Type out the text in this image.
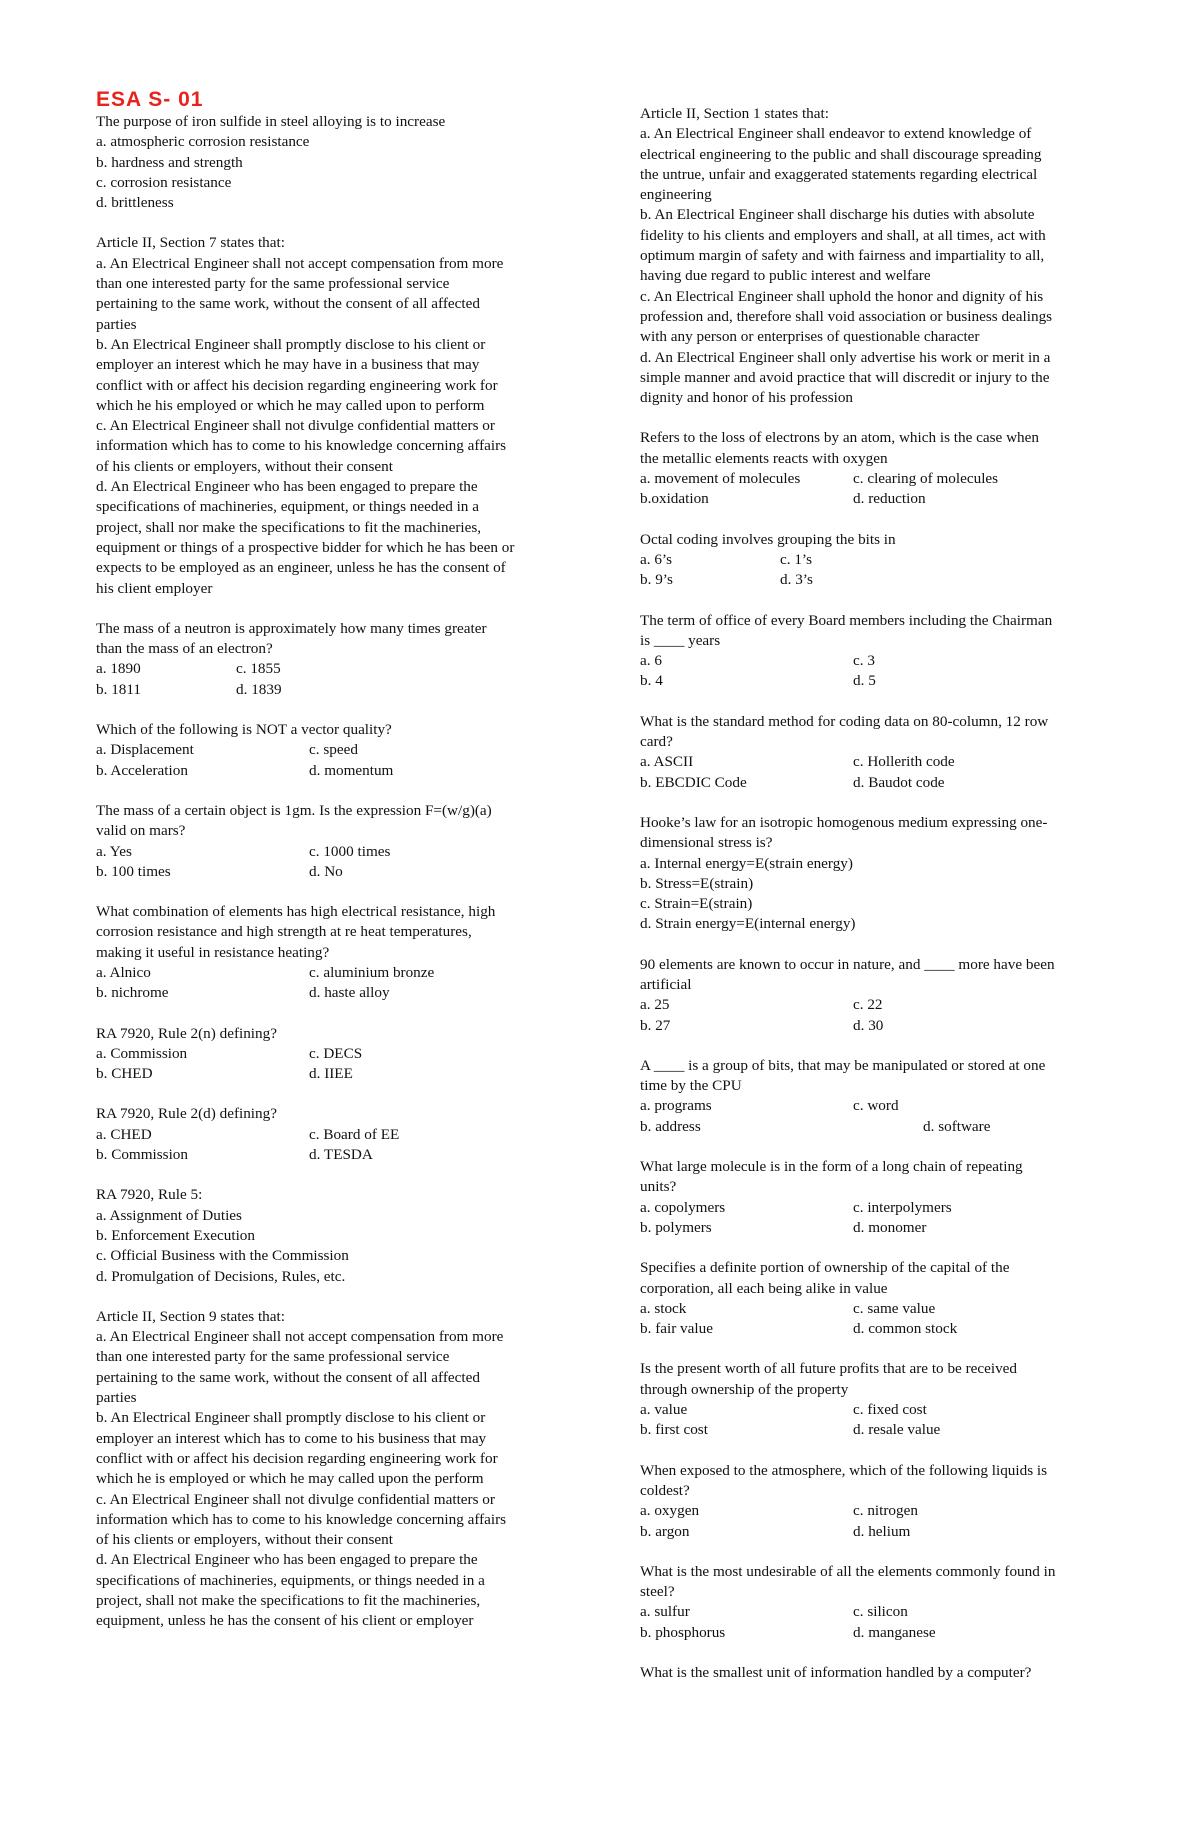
ESA S- 01

The purpose of iron sulfide in steel alloying is to increase

a. atmospheric corrosion resistance

b. hardness and strength

c. corrosion resistance

d. brittleness

Article II, Section 7 states that:

a. An Electrical Engineer shall not accept compensation from more

than one interested party for the same professional service

pertaining to the same work, without the consent of all affected

parties

b. An Electrical Engineer shall promptly disclose to his client or

employer an interest which he may have in a business that may

conflict with or affect his decision regarding engineering work for

which he his employed or which he may called upon to perform

c. An Electrical Engineer shall not divulge confidential matters or

information which has to come to his knowledge concerning affairs

of his clients or employers, without their consent

d. An Electrical Engineer who has been engaged to prepare the

specifications of machineries, equipment, or things needed in a

project, shall nor make the specifications to fit the machineries,

equipment or things of a prospective bidder for which he has been or

expects to be employed as an engineer, unless he has the consent of

his client employer

The mass of a neutron is approximately how many times greater

than the mass of an electron?

a. 1890	c. 1855
b. 1811	d. 1839

Which of the following is NOT a vector quality?

a. Displacement	c. speed
b. Acceleration	d. momentum

The mass of a certain object is 1gm. Is the expression F=(w/g)(a)

valid on mars?

a. Yes	c. 1000 times
b. 100 times	d. No

What combination of elements has high electrical resistance, high

corrosion resistance and high strength at re heat temperatures,

making it useful in resistance heating?

a. Alnico	c. aluminium bronze
b. nichrome	d. haste alloy

RA 7920, Rule 2(n) defining?

a. Commission	c. DECS
b. CHED	d. IIEE

RA 7920, Rule 2(d) defining?

a. CHED	c. Board of EE
b. Commission	d. TESDA

RA 7920, Rule 5:

a. Assignment of Duties

b. Enforcement Execution

c. Official Business with the Commission

d. Promulgation of Decisions, Rules, etc.

Article II, Section 9 states that:

a. An Electrical Engineer shall not accept compensation from more

than one interested party for the same professional service

pertaining to the same work, without the consent of all affected

parties

b. An Electrical Engineer shall promptly disclose to his client or

employer an interest which has to come to his business that may

conflict with or affect his decision regarding engineering work for

which he is employed or which he may called upon the perform

c. An Electrical Engineer shall not divulge confidential matters or

information which has to come to his knowledge concerning affairs

of his clients or employers, without their consent

d. An Electrical Engineer who has been engaged to prepare the

specifications of machineries, equipments, or things needed in a

project, shall not make the specifications to fit the machineries,

equipment, unless he has the consent of his client or employer

Article II, Section 1 states that:

a. An Electrical Engineer shall endeavor to extend knowledge of

electrical engineering to the public and shall discourage spreading

the untrue, unfair and exaggerated statements regarding electrical

engineering

b. An Electrical Engineer shall discharge his duties with absolute

fidelity to his clients and employers and shall, at all times, act with

optimum margin of safety and with fairness and impartiality to all,

having due regard to public interest and welfare

c. An Electrical Engineer shall uphold the honor and dignity of his

profession and, therefore shall void association or business dealings

with any person or enterprises of questionable character

d. An Electrical Engineer shall only advertise his work or merit in a

simple manner and avoid practice that will discredit or injury to the

dignity and honor of his profession

Refers to the loss of electrons by an atom, which is the case when

the metallic elements reacts with oxygen

a. movement of molecules	c. clearing of molecules
b.oxidation	d. reduction

Octal coding involves grouping the bits in

a. 6’s	c. 1’s
b. 9’s	d. 3’s

The term of office of every Board members including the Chairman

is ____ years

a. 6	c. 3
b. 4	d. 5

What is the standard method for coding data on 80-column, 12 row

card?

a. ASCII	c. Hollerith code
b. EBCDIC Code	d. Baudot code

Hooke’s law for an isotropic homogenous medium expressing one-

dimensional stress is?

a. Internal energy=E(strain energy)

b. Stress=E(strain)

c. Strain=E(strain)

d. Strain energy=E(internal energy)

90 elements are known to occur in nature, and ____ more have been

artificial

a. 25	c. 22
b. 27	d. 30

A ____ is a group of bits, that may be manipulated or stored at one

time by the CPU

a. programs	c. word
b. address	d. software

What large molecule is in the form of a long chain of repeating

units?

a. copolymers	c. interpolymers
b. polymers	d. monomer

Specifies a definite portion of ownership of the capital of the

corporation, all each being alike in value

a. stock	c. same value
b. fair value	d. common stock

Is the present worth of all future profits that are to be received

through ownership of the property

a. value	c. fixed cost
b. first cost	d. resale value

When exposed to the atmosphere, which of the following liquids is

coldest?

a. oxygen	c. nitrogen
b. argon	d. helium

What is the most undesirable of all the elements commonly found in

steel?

a. sulfur	c. silicon
b. phosphorus	d. manganese

What is the smallest unit of information handled by a computer?
